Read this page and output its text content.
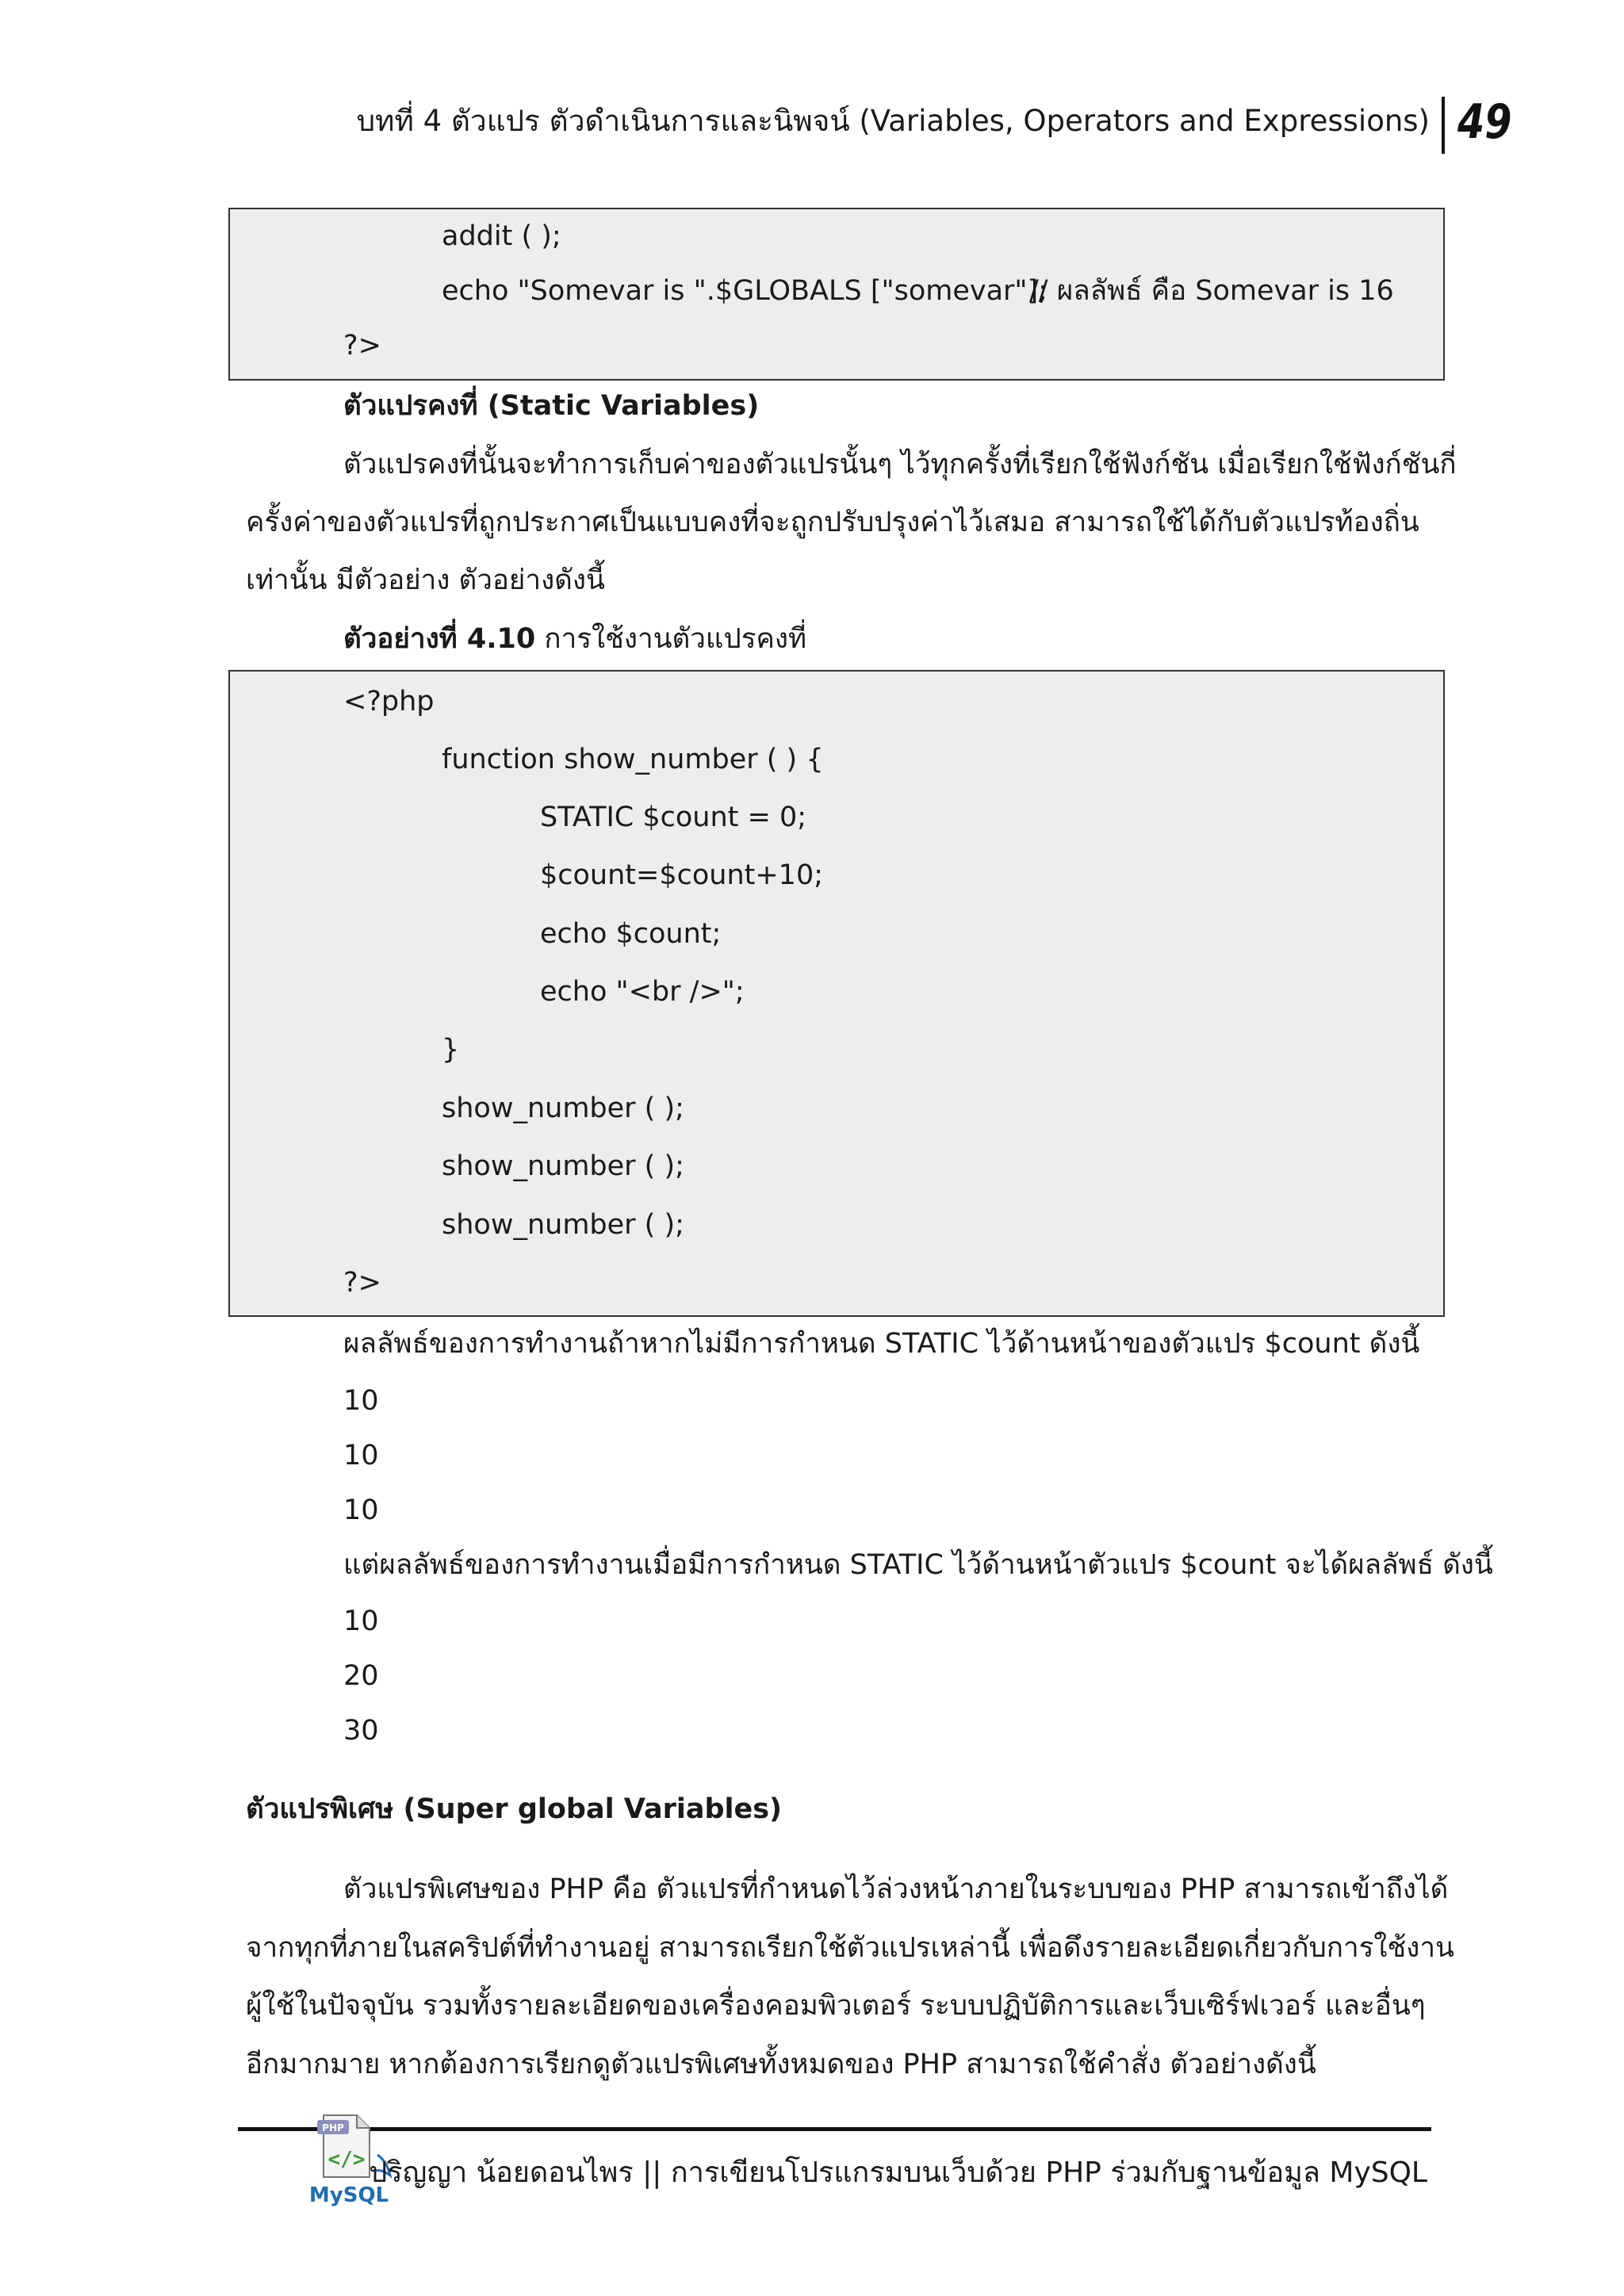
บทที่ 4 ตัวแปร ตัวดำเนินการและนิพจน์ (Variables, Operators and Expressions) 49
addit ( );
echo "Somevar is ".$GLOBALS ["somevar"];
// ผลลัพธ์ คือ Somevar is 16
?>
ตัวแปรคงที่ (Static Variables)
ตัวแปรคงที่นั้นจะทำการเก็บค่าของตัวแปรนั้นๆ ไว้ทุกครั้งที่เรียกใช้ฟังก์ชัน เมื่อเรียกใช้ฟังก์ชันกี่
ครั้งค่าของตัวแปรที่ถูกประกาศเป็นแบบคงที่จะถูกปรับปรุงค่าไว้เสมอ สามารถใช้ได้กับตัวแปรท้องถิ่น
เท่านั้น มีตัวอย่าง ตัวอย่างดังนี้
ตัวอย่างที่ 4.10 การใช้งานตัวแปรคงที่
<?php
function show_number ( ) {
STATIC $count = 0;
$count=$count+10;
echo $count;
echo "<br />";
}
show_number ( );
show_number ( );
show_number ( );
?>
ผลลัพธ์ของการทำงานถ้าหากไม่มีการกำหนด STATIC ไว้ด้านหน้าของตัวแปร $count ดังนี้
10
10
10
แต่ผลลัพธ์ของการทำงานเมื่อมีการกำหนด STATIC ไว้ด้านหน้าตัวแปร $count จะได้ผลลัพธ์ ดังนี้
10
20
30
ตัวแปรพิเศษ (Super global Variables)
ตัวแปรพิเศษของ PHP คือ ตัวแปรที่กำหนดไว้ล่วงหน้าภายในระบบของ PHP สามารถเข้าถึงได้
จากทุกที่ภายในสคริปต์ที่ทำงานอยู่ สามารถเรียกใช้ตัวแปรเหล่านี้ เพื่อดึงรายละเอียดเกี่ยวกับการใช้งาน
ผู้ใช้ในปัจจุบัน รวมทั้งรายละเอียดของเครื่องคอมพิวเตอร์ ระบบปฏิบัติการและเว็บเซิร์ฟเวอร์ และอื่นๆ
อีกมากมาย หากต้องการเรียกดูตัวแปรพิเศษทั้งหมดของ PHP สามารถใช้คำสั่ง ตัวอย่างดังนี้
PHP
</>
MySQL
ปริญญา น้อยดอนไพร || การเขียนโปรแกรมบนเว็บด้วย PHP ร่วมกับฐานข้อมูล MySQL
